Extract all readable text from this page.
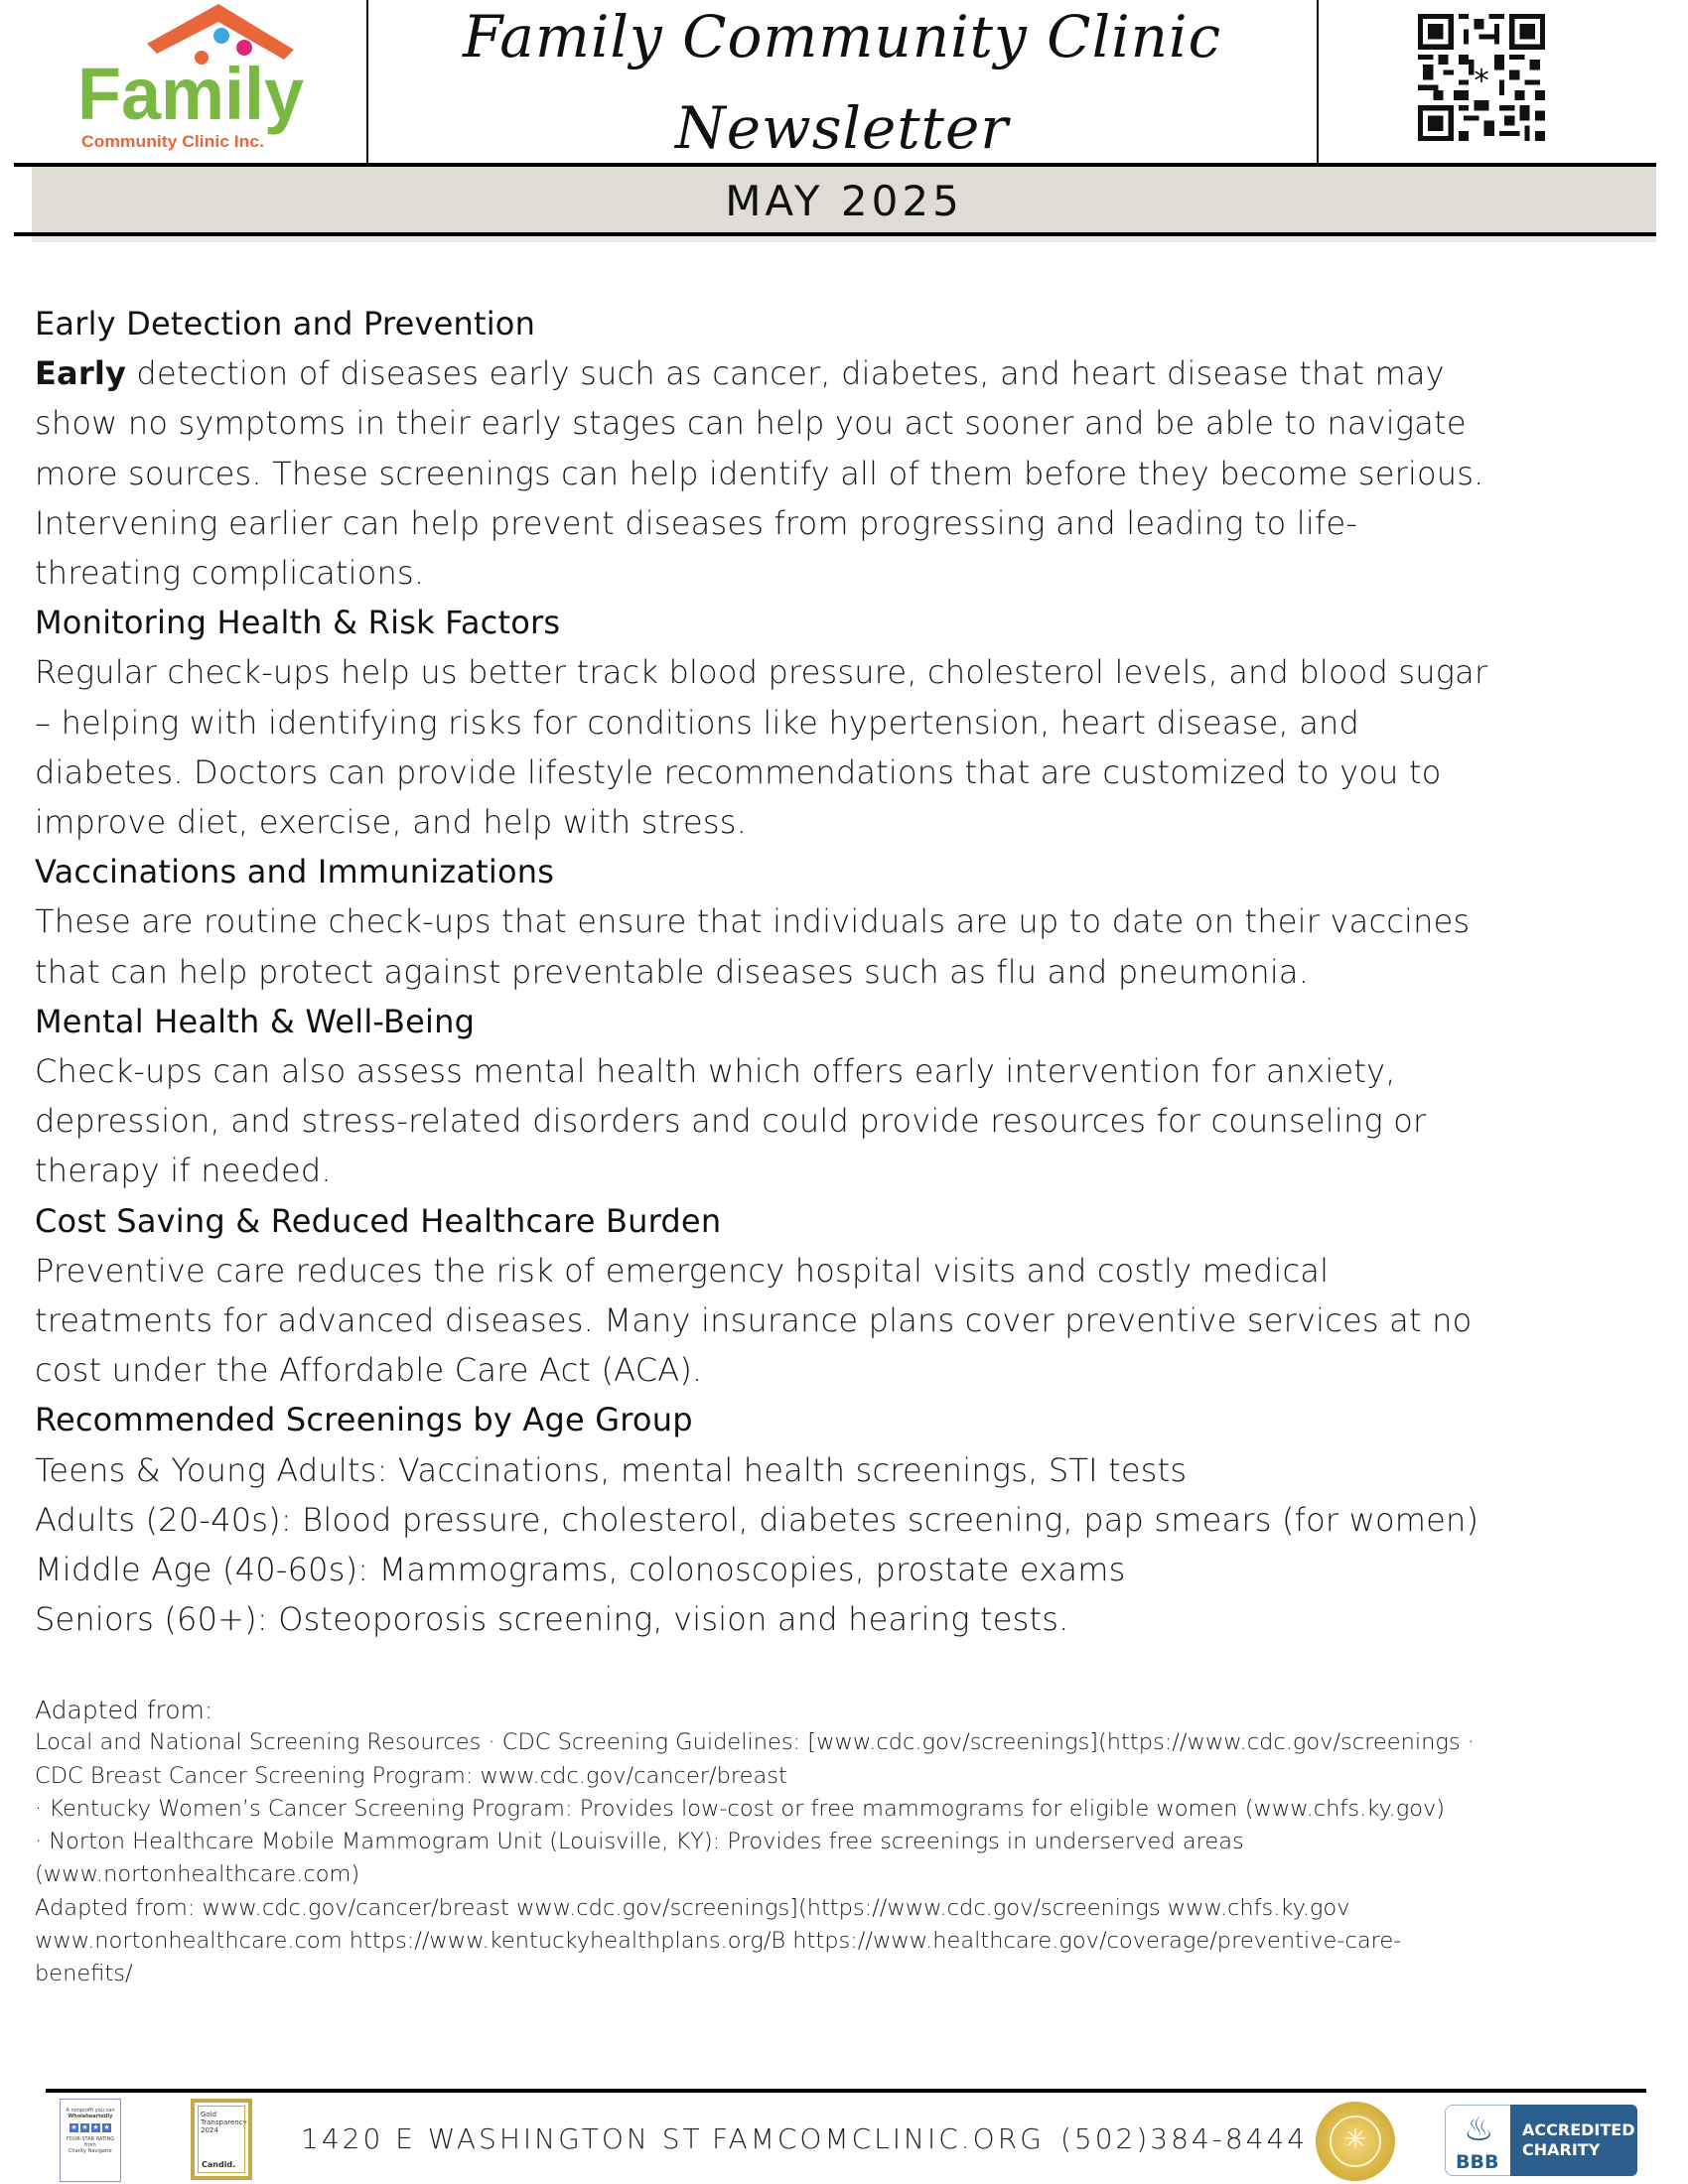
Family
Community Clinic Inc.
Family Community Clinic
Newsletter
*
MAY 2025
Early Detection and Prevention

Early detection of diseases early such as cancer, diabetes, and heart disease that may

show no symptoms in their early stages can help you act sooner and be able to navigate

more sources. These screenings can help identify all of them before they become serious.

Intervening earlier can help prevent diseases from progressing and leading to life-

threating complications.

Monitoring Health & Risk Factors

Regular check-ups help us better track blood pressure, cholesterol levels, and blood sugar

– helping with identifying risks for conditions like hypertension, heart disease, and

diabetes. Doctors can provide lifestyle recommendations that are customized to you to

improve diet, exercise, and help with stress.

Vaccinations and Immunizations

These are routine check-ups that ensure that individuals are up to date on their vaccines

that can help protect against preventable diseases such as flu and pneumonia.

Mental Health & Well-Being

Check-ups can also assess mental health which offers early intervention for anxiety,

depression, and stress-related disorders and could provide resources for counseling or

therapy if needed.

Cost Saving & Reduced Healthcare Burden

Preventive care reduces the risk of emergency hospital visits and costly medical

treatments for advanced diseases. Many insurance plans cover preventive services at no

cost under the Affordable Care Act (ACA).

Recommended Screenings by Age Group

Teens & Young Adults: Vaccinations, mental health screenings, STI tests

Adults (20-40s): Blood pressure, cholesterol, diabetes screening, pap smears (for women)

Middle Age (40-60s): Mammograms, colonoscopies, prostate exams

Seniors (60+): Osteoporosis screening, vision and hearing tests.

Adapted from:

Local and National Screening Resources · CDC Screening Guidelines: [www.cdc.gov/screenings](https://www.cdc.gov/screenings ·

CDC Breast Cancer Screening Program: www.cdc.gov/cancer/breast

· Kentucky Women’s Cancer Screening Program: Provides low-cost or free mammograms for eligible women (www.chfs.ky.gov)

· Norton Healthcare Mobile Mammogram Unit (Louisville, KY): Provides free screenings in underserved areas

(www.nortonhealthcare.com)

Adapted from: www.cdc.gov/cancer/breast www.cdc.gov/screenings](https://www.cdc.gov/screenings www.chfs.ky.gov

www.nortonhealthcare.com https://www.kentuckyhealthplans.org/B https://www.healthcare.gov/coverage/preventive-care-

benefits/

A nonprofit you can
Wholeheartedly
★ ★ ★ ★
FOUR-STAR RATING
from
Charity Navigator
Gold
Transparency
2024
Candid.
1420 E WASHINGTON ST FAMCOMCLINIC.ORG (502)384-8444	✳	♨
BBB
ACCREDITED
CHARITY
